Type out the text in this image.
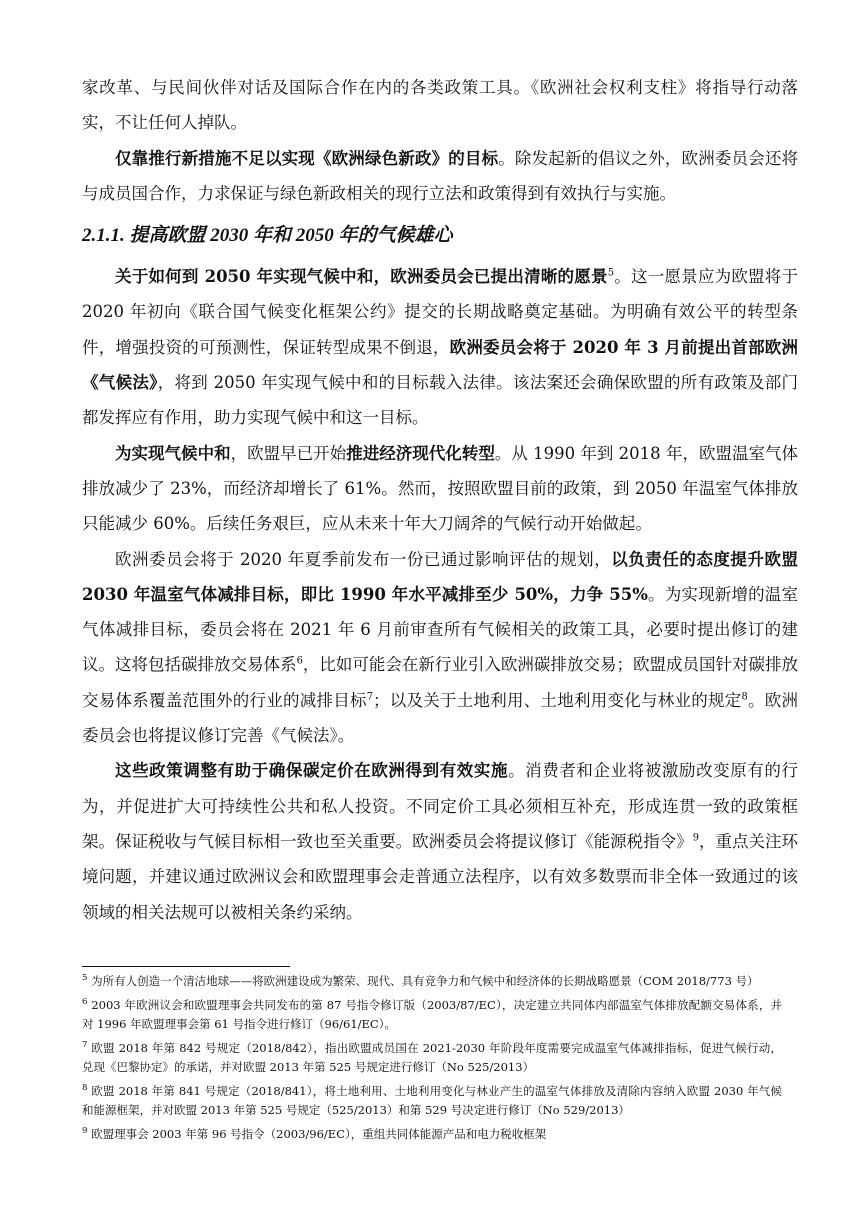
家改革、与民间伙伴对话及国际合作在内的各类政策工具。《欧洲社会权利支柱》将指导行动落实，不让任何人掉队。

仅靠推行新措施不足以实现《欧洲绿色新政》的目标。除发起新的倡议之外，欧洲委员会还将与成员国合作，力求保证与绿色新政相关的现行立法和政策得到有效执行与实施。

2.1.1. 提高欧盟 2030 年和 2050 年的气候雄心

关于如何到 2050 年实现气候中和，欧洲委员会已提出清晰的愿景$^5$。这一愿景应为欧盟将于 2020 年初向《联合国气候变化框架公约》提交的长期战略奠定基础。为明确有效公平的转型条件，增强投资的可预测性，保证转型成果不倒退，欧洲委员会将于 2020 年 3 月前提出首部欧洲《气候法》，将到 2050 年实现气候中和的目标载入法律。该法案还会确保欧盟的所有政策及部门都发挥应有作用，助力实现气候中和这一目标。

为实现气候中和，欧盟早已开始推进经济现代化转型。从 1990 年到 2018 年，欧盟温室气体排放减少了 23%，而经济却增长了 61%。然而，按照欧盟目前的政策，到 2050 年温室气体排放只能减少 60%。后续任务艰巨，应从未来十年大刀阔斧的气候行动开始做起。

欧洲委员会将于 2020 年夏季前发布一份已通过影响评估的规划，以负责任的态度提升欧盟 2030 年温室气体减排目标，即比 1990 年水平减排至少 50%，力争 55%。为实现新增的温室气体减排目标，委员会将在 2021 年 6 月前审查所有气候相关的政策工具，必要时提出修订的建议。这将包括碳排放交易体系$^6$，比如可能会在新行业引入欧洲碳排放交易；欧盟成员国针对碳排放交易体系覆盖范围外的行业的减排目标$^7$；以及关于土地利用、土地利用变化与林业的规定$^8$。欧洲委员会也将提议修订完善《气候法》。

这些政策调整有助于确保碳定价在欧洲得到有效实施。消费者和企业将被激励改变原有的行为，并促进扩大可持续性公共和私人投资。不同定价工具必须相互补充，形成连贯一致的政策框架。保证税收与气候目标相一致也至关重要。欧洲委员会将提议修订《能源税指令》$^9$，重点关注环境问题，并建议通过欧洲议会和欧盟理事会走普通立法程序，以有效多数票而非全体一致通过的该领域的相关法规可以被相关条约采纳。

$^5$ 为所有人创造一个清洁地球——将欧洲建设成为繁荣、现代、具有竞争力和气候中和经济体的长期战略愿景（COM 2018/773 号）
$^6$ 2003 年欧洲议会和欧盟理事会共同发布的第 87 号指令修订版（2003/87/EC），决定建立共同体内部温室气体排放配额交易体系，并对 1996 年欧盟理事会第 61 号指令进行修订（96/61/EC）。
$^7$ 欧盟 2018 年第 842 号规定（2018/842），指出欧盟成员国在 2021-2030 年阶段年度需要完成温室气体减排指标，促进气候行动，兑现《巴黎协定》的承诺，并对欧盟 2013 年第 525 号规定进行修订（No 525/2013）
$^8$ 欧盟 2018 年第 841 号规定（2018/841），将土地利用、土地利用变化与林业产生的温室气体排放及清除内容纳入欧盟 2030 年气候和能源框架，并对欧盟 2013 年第 525 号规定（525/2013）和第 529 号决定进行修订（No 529/2013）
$^9$ 欧盟理事会 2003 年第 96 号指令（2003/96/EC），重组共同体能源产品和电力税收框架
